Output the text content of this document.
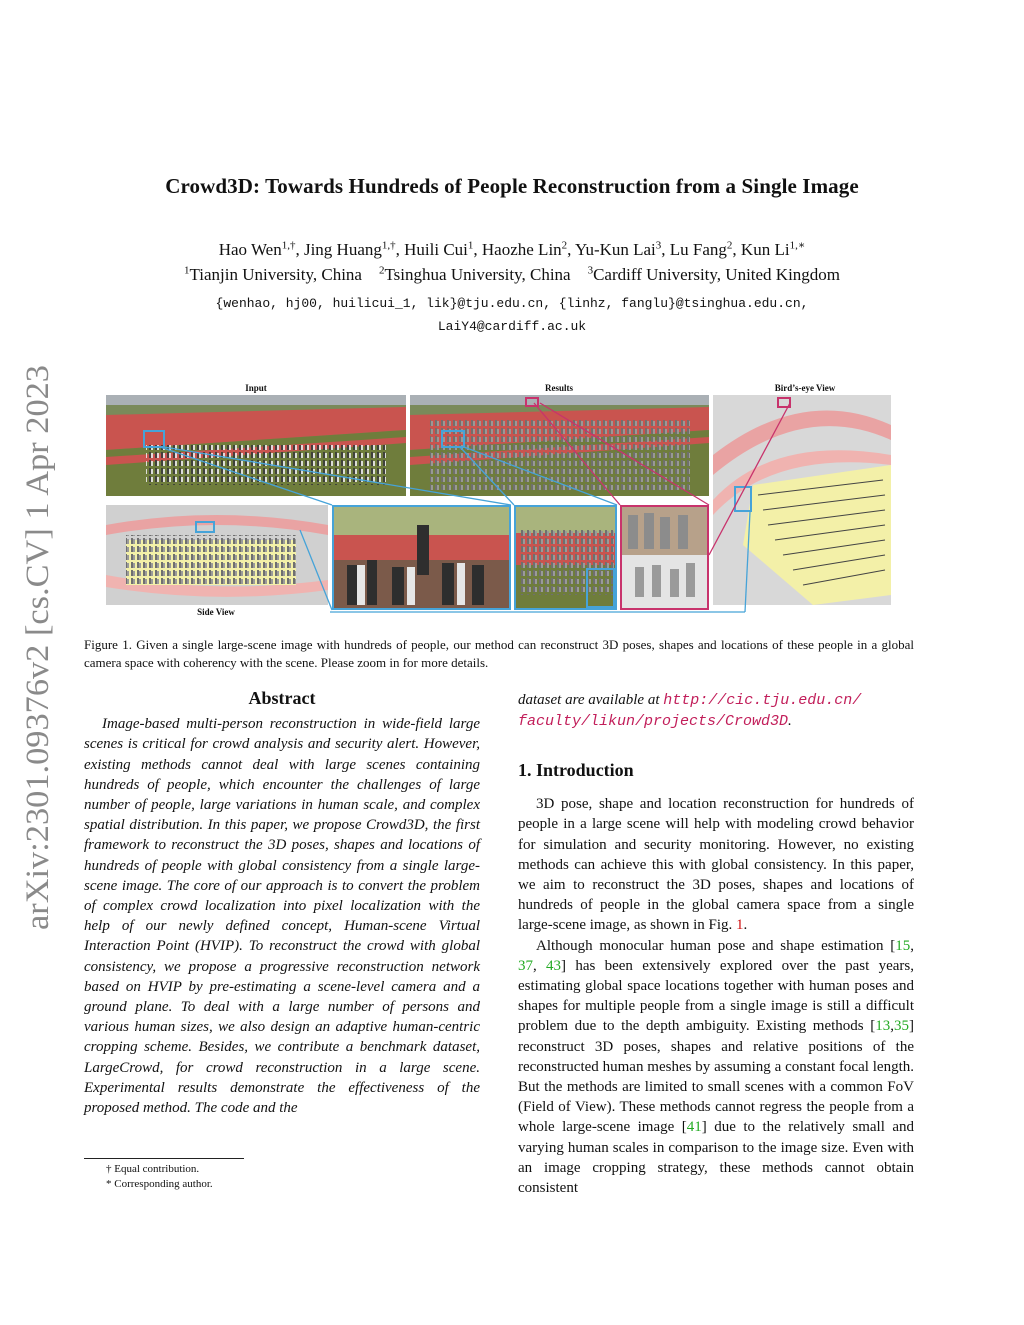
arXiv:2301.09376v2 [cs.CV] 1 Apr 2023
Crowd3D: Towards Hundreds of People Reconstruction from a Single Image
Hao Wen$^{1,\dagger}$, Jing Huang$^{1,\dagger}$, Huili Cui$^1$, Haozhe Lin$^2$, Yu-Kun Lai$^3$, Lu Fang$^2$, Kun $Li^{1,∗}$
$^1$Tianjin University, China $^2$Tsinghua University, China $^3$Cardiff University, United Kingdom
{wenhao, hj00, huilicui_1, lik}@tju.edu.cn, {linhz, fanglu}@tsinghua.edu.cn,
LaiY4@cardiff.ac.uk
Input	Results	Bird’s-eye View
Side View
Figure 1. Given a single large-scene image with hundreds of people, our method can reconstruct 3D poses, shapes and locations of these people in a global camera space with coherency with the scene. Please zoom in for more details.
Abstract

Image-based multi-person reconstruction in wide-field large scenes is critical for crowd analysis and security alert. However, existing methods cannot deal with large scenes containing hundreds of people, which encounter the challenges of large number of people, large variations in human scale, and complex spatial distribution. In this paper, we propose Crowd3D, the first framework to reconstruct the 3D poses, shapes and locations of hundreds of people with global consistency from a single large-scene image. The core of our approach is to convert the problem of complex crowd localization into pixel localization with the help of our newly defined concept, Human-scene Virtual Interaction Point (HVIP). To reconstruct the crowd with global consistency, we propose a progressive reconstruction network based on HVIP by pre-estimating a scene-level camera and a ground plane. To deal with a large number of persons and various human sizes, we also design an adaptive human-centric cropping scheme. Besides, we contribute a benchmark dataset, LargeCrowd, for crowd reconstruction in a large scene. Experimental results demonstrate the effectiveness of the proposed method. The code and the

† Equal contribution.
* Corresponding author.
dataset are available at http://cic.tju.edu.cn/
faculty/likun/projects/Crowd3D.
1. Introduction

3D pose, shape and location reconstruction for hundreds of people in a large scene will help with modeling crowd behavior for simulation and security monitoring. However, no existing methods can achieve this with global consistency. In this paper, we aim to reconstruct the 3D poses, shapes and locations of hundreds of people in the global camera space from a single large-scene image, as shown in Fig. 1.

Although monocular human pose and shape estimation [15, 37, 43] has been extensively explored over the past years, estimating global space locations together with human poses and shapes for multiple people from a single image is still a difficult problem due to the depth ambiguity. Existing methods [13,35] reconstruct 3D poses, shapes and relative positions of the reconstructed human meshes by assuming a constant focal length. But the methods are limited to small scenes with a common FoV (Field of View). These methods cannot regress the people from a whole large-scene image [41] due to the relatively small and varying human scales in comparison to the image size. Even with an image cropping strategy, these methods cannot obtain consistent
